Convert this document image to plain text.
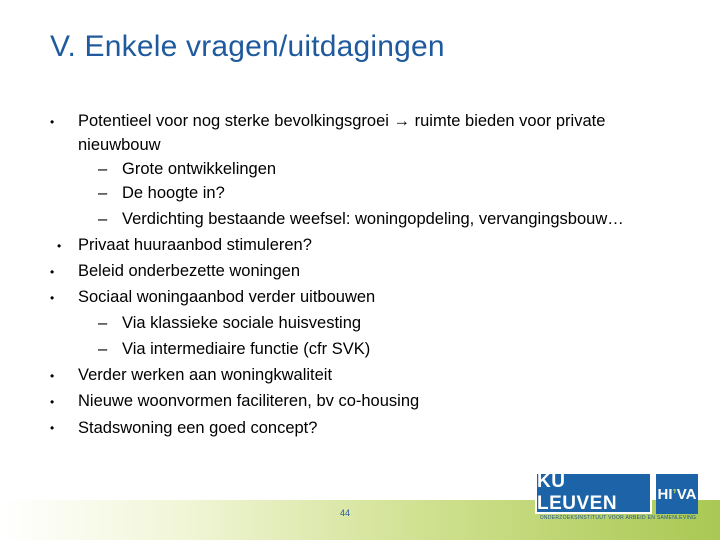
V. Enkele vragen/uitdagingen
• Potentieel voor nog sterke bevolkingsgroei → ruimte bieden voor private
nieuwbouw
– Grote ontwikkelingen
– De hoogte in?
– Verdichting bestaande weefsel: woningopdeling, vervangingsbouw…
• Privaat huuraanbod stimuleren?
• Beleid onderbezette woningen
• Sociaal woningaanbod verder uitbouwen
– Via klassieke sociale huisvesting
– Via intermediaire functie (cfr SVK)
• Verder werken aan woningkwaliteit
• Nieuwe woonvormen faciliteren, bv co-housing
• Stadswoning een goed concept?
44
KU LEUVEN	HI ’ VA
ONDERZOEKSINSTITUUT VOOR ARBEID EN SAMENLEVING
